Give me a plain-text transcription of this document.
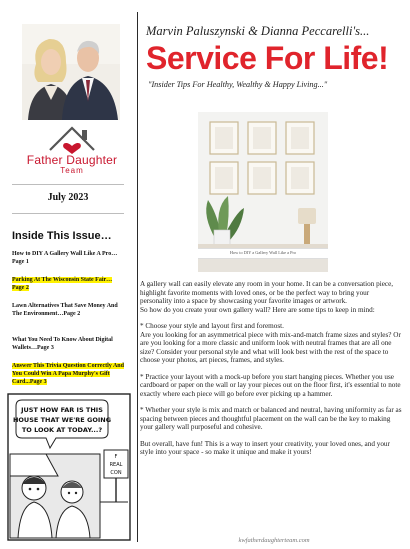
Father Daughter
Team
July 2023
Inside This Issue…
How to DIY A Gallery Wall Like A Pro…Page 1
Parking At The Wisconsin State Fair…Page 2
Lawn Alternatives That Save Money And The Environment…Page 2
What You Need To Know About Digital Wallets…Page 3
Answer This Trivia Question Correctly And You Could Win A Papa Murphy's Gift Card...Page 3
JUST HOW FAR IS THIS
HOUSE THAT WE'RE GOING
TO LOOK AT TODAY...?
F
REAL
CON
Marvin Paluszynski & Dianna Peccarelli's...
Service For Life!
"Insider Tips For Healthy, Wealthy & Happy Living..."
How to DIY a Gallery Wall Like a Pro

A gallery wall can easily elevate any room in your home. It can be a conversation piece, highlight favorite moments with loved ones, or be the perfect way to bring your personality into a space by showcasing your favorite images or artwork.
So how do you create your own gallery wall? Here are some tips to keep in mind:

* Choose your style and layout first and foremost.
Are you looking for an asymmetrical piece with mix-and-match frame sizes and styles? Or are you looking for a more classic and uniform look with neutral frames that are all one size? Consider your personal style and what will look best with the rest of the space to choose your photos, art pieces, frames, and styles.

* Practice your layout with a mock-up before you start hanging pieces. Whether you use cardboard or paper on the wall or lay your pieces out on the floor first, it's essential to note exactly where each piece will go before ever picking up a hammer.

* Whether your style is mix and match or balanced and neutral, having uniformity as far as spacing between pieces and thoughtful placement on the wall can be the key to making your gallery wall purposeful and cohesive.

But overall, have fun! This is a way to insert your creativity, your loved ones, and your style into your space - so make it unique and make it yours!

kwfatherdaughterteam.com
